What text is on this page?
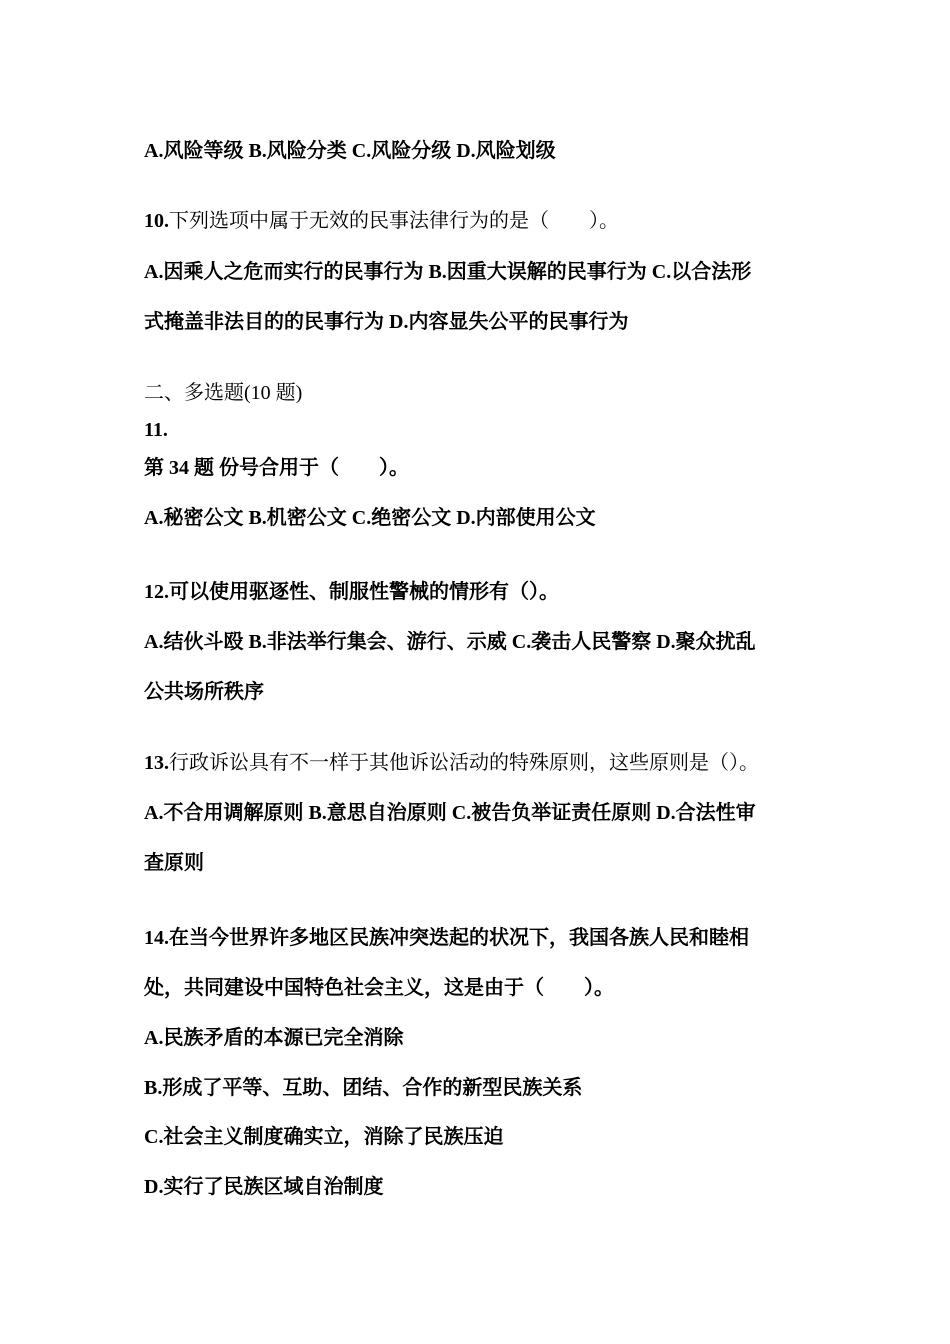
A.风险等级 B.风险分类 C.风险分级 D.风险划级
10.下列选项中属于无效的民事法律行为的是（　　）。
A.因乘人之危而实行的民事行为 B.因重大误解的民事行为 C.以合法形
式掩盖非法目的的民事行为 D.内容显失公平的民事行为
二、多选题(10 题)
11.
第 34 题 份号合用于（　　）。
A.秘密公文 B.机密公文 C.绝密公文 D.内部使用公文
12.可以使用驱逐性、制服性警械的情形有（）。
A.结伙斗殴 B.非法举行集会、游行、示威 C.袭击人民警察 D.聚众扰乱
公共场所秩序
13.行政诉讼具有不一样于其他诉讼活动的特殊原则，这些原则是（）。
A.不合用调解原则 B.意思自治原则 C.被告负举证责任原则 D.合法性审
查原则
14.在当今世界许多地区民族冲突迭起的状况下，我国各族人民和睦相
处，共同建设中国特色社会主义，这是由于（　　）。
A.民族矛盾的本源已完全消除
B.形成了平等、互助、团结、合作的新型民族关系
C.社会主义制度确实立，消除了民族压迫
D.实行了民族区域自治制度
